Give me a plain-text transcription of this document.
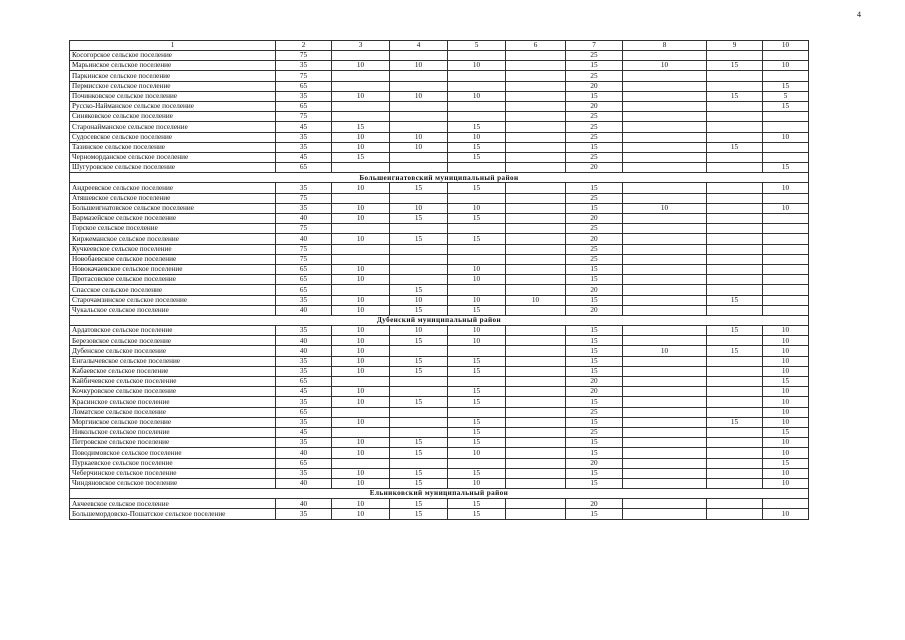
4
1	2	3	4	5	6	7	8	9	10
Косогорское сельское поселение	75					25			
Марьинское сельское поселение	35	10	10	10		15	10	15	10
Паркинское сельское поселение	75					25			
Пермисское сельское поселение	65					20			15
Починковское сельское поселение	35	10	10	10		15		15	5
Русско-Найманское сельское поселение	65					20			15
Синяковское сельское поселение	75					25			
Старонайманское сельское поселение	45	15		15		25			
Судосевское сельское поселение	35	10	10	10		25			10
Тазинское сельское поселение	35	10	10	15		15		15	
Черноморданское сельское поселение	45	15		15		25			
Шугуровское сельское поселение	65					20			15
Большеигнатовский муниципальный район									
Андреевское сельское поселение	35	10	15	15		15			10
Атяшевское сельское поселение	75					25			
Большеигнатовское сельское поселение	35	10	10	10		15	10		10
Вармазейское сельское поселение	40	10	15	15		20			
Горское сельское поселение	75					25			
Киржеманское сельское поселение	40	10	15	15		20			
Кучкеевское сельское поселение	75					25			
Новобаевское сельское поселение	75					25			
Новокачаевское сельское поселение	65	10		10		15			
Протасовское сельское поселение	65	10		10		15			
Спасское сельское поселение	65		15			20			
Старочамзинское сельское поселение	35	10	10	10	10	15		15	
Чукальское сельское поселение	40	10	15	15		20			
Дубенский муниципальный район									
Ардатовское сельское поселение	35	10	10	10		15		15	10
Березовское сельское поселение	40	10	15	10		15			10
Дубенское сельское поселение	40	10				15	10	15	10
Енгалычевское сельское поселение	35	10	15	15		15			10
Кабаевское сельское поселение	35	10	15	15		15			10
Кайбичевское сельское поселение	65					20			15
Кочкуровское сельское поселение	45	10		15		20			10
Красинское сельское поселение	35	10	15	15		15			10
Ломатское сельское поселение	65					25			10
Моргинское сельское поселение	35	10		15		15		15	10
Никольское сельское поселение	45			15		25			15
Петровское сельское поселение	35	10	15	15		15			10
Поводимовское сельское поселение	40	10	15	10		15			10
Пуркаевское сельское поселение	65					20			15
Чеберчинское сельское поселение	35	10	15	15		15			10
Чиндяновское сельское поселение	40	10	15	10		15			10
Ельниковский муниципальный район									
Акчеевское сельское поселение	40	10	15	15		20			
Большемордовско-Пошатское сельское поселение	35	10	15	15		15			10
